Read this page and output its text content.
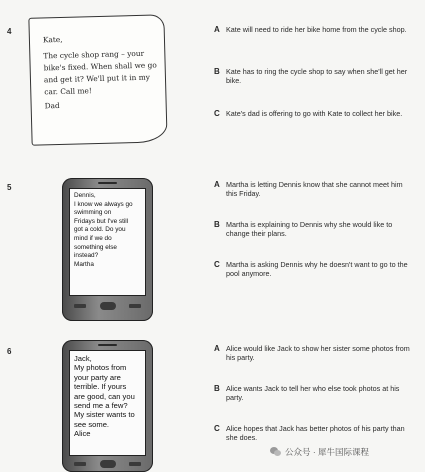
4
Kate,
The cycle shop rang – your
bike's fixed. When shall we go
and get it? We'll put it in my
car. Call me!
Dad
A Kate will need to ride her bike home from the cycle shop.
B Kate has to ring the cycle shop to say when she'll get her bike.
C Kate's dad is offering to go with Kate to collect her bike.
5
Dennis,
I know we always go
swimming on
Fridays but I've still
got a cold. Do you
mind if we do
something else
instead?
Martha
A Martha is letting Dennis know that she cannot meet him this Friday.
B Martha is explaining to Dennis why she would like to change their plans.
C Martha is asking Dennis why he doesn't want to go to the pool anymore.
6
Jack,
My photos from
your party are
terrible. If yours
are good, can you
send me a few?
My sister wants to
see some.
Alice
A Alice would like Jack to show her sister some photos from his party.
B Alice wants Jack to tell her who else took photos at his party.
C Alice hopes that Jack has better photos of his party than she does.
公众号 · 犀牛国际课程
